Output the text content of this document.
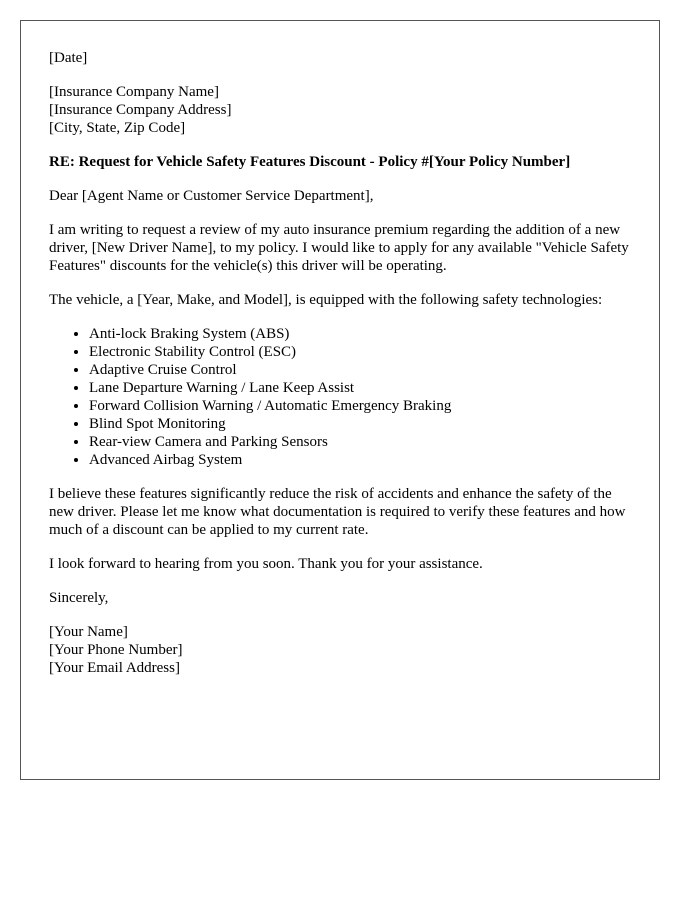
[Date]
[Insurance Company Name]
[Insurance Company Address]
[City, State, Zip Code]
RE: Request for Vehicle Safety Features Discount - Policy #[Your Policy Number]
Dear [Agent Name or Customer Service Department],
I am writing to request a review of my auto insurance premium regarding the addition of a new driver, [New Driver Name], to my policy. I would like to apply for any available "Vehicle Safety Features" discounts for the vehicle(s) this driver will be operating.
The vehicle, a [Year, Make, and Model], is equipped with the following safety technologies:
• Anti-lock Braking System (ABS)
• Electronic Stability Control (ESC)
• Adaptive Cruise Control
• Lane Departure Warning / Lane Keep Assist
• Forward Collision Warning / Automatic Emergency Braking
• Blind Spot Monitoring
• Rear-view Camera and Parking Sensors
• Advanced Airbag System
I believe these features significantly reduce the risk of accidents and enhance the safety of the new driver. Please let me know what documentation is required to verify these features and how much of a discount can be applied to my current rate.
I look forward to hearing from you soon. Thank you for your assistance.
Sincerely,
[Your Name]
[Your Phone Number]
[Your Email Address]
